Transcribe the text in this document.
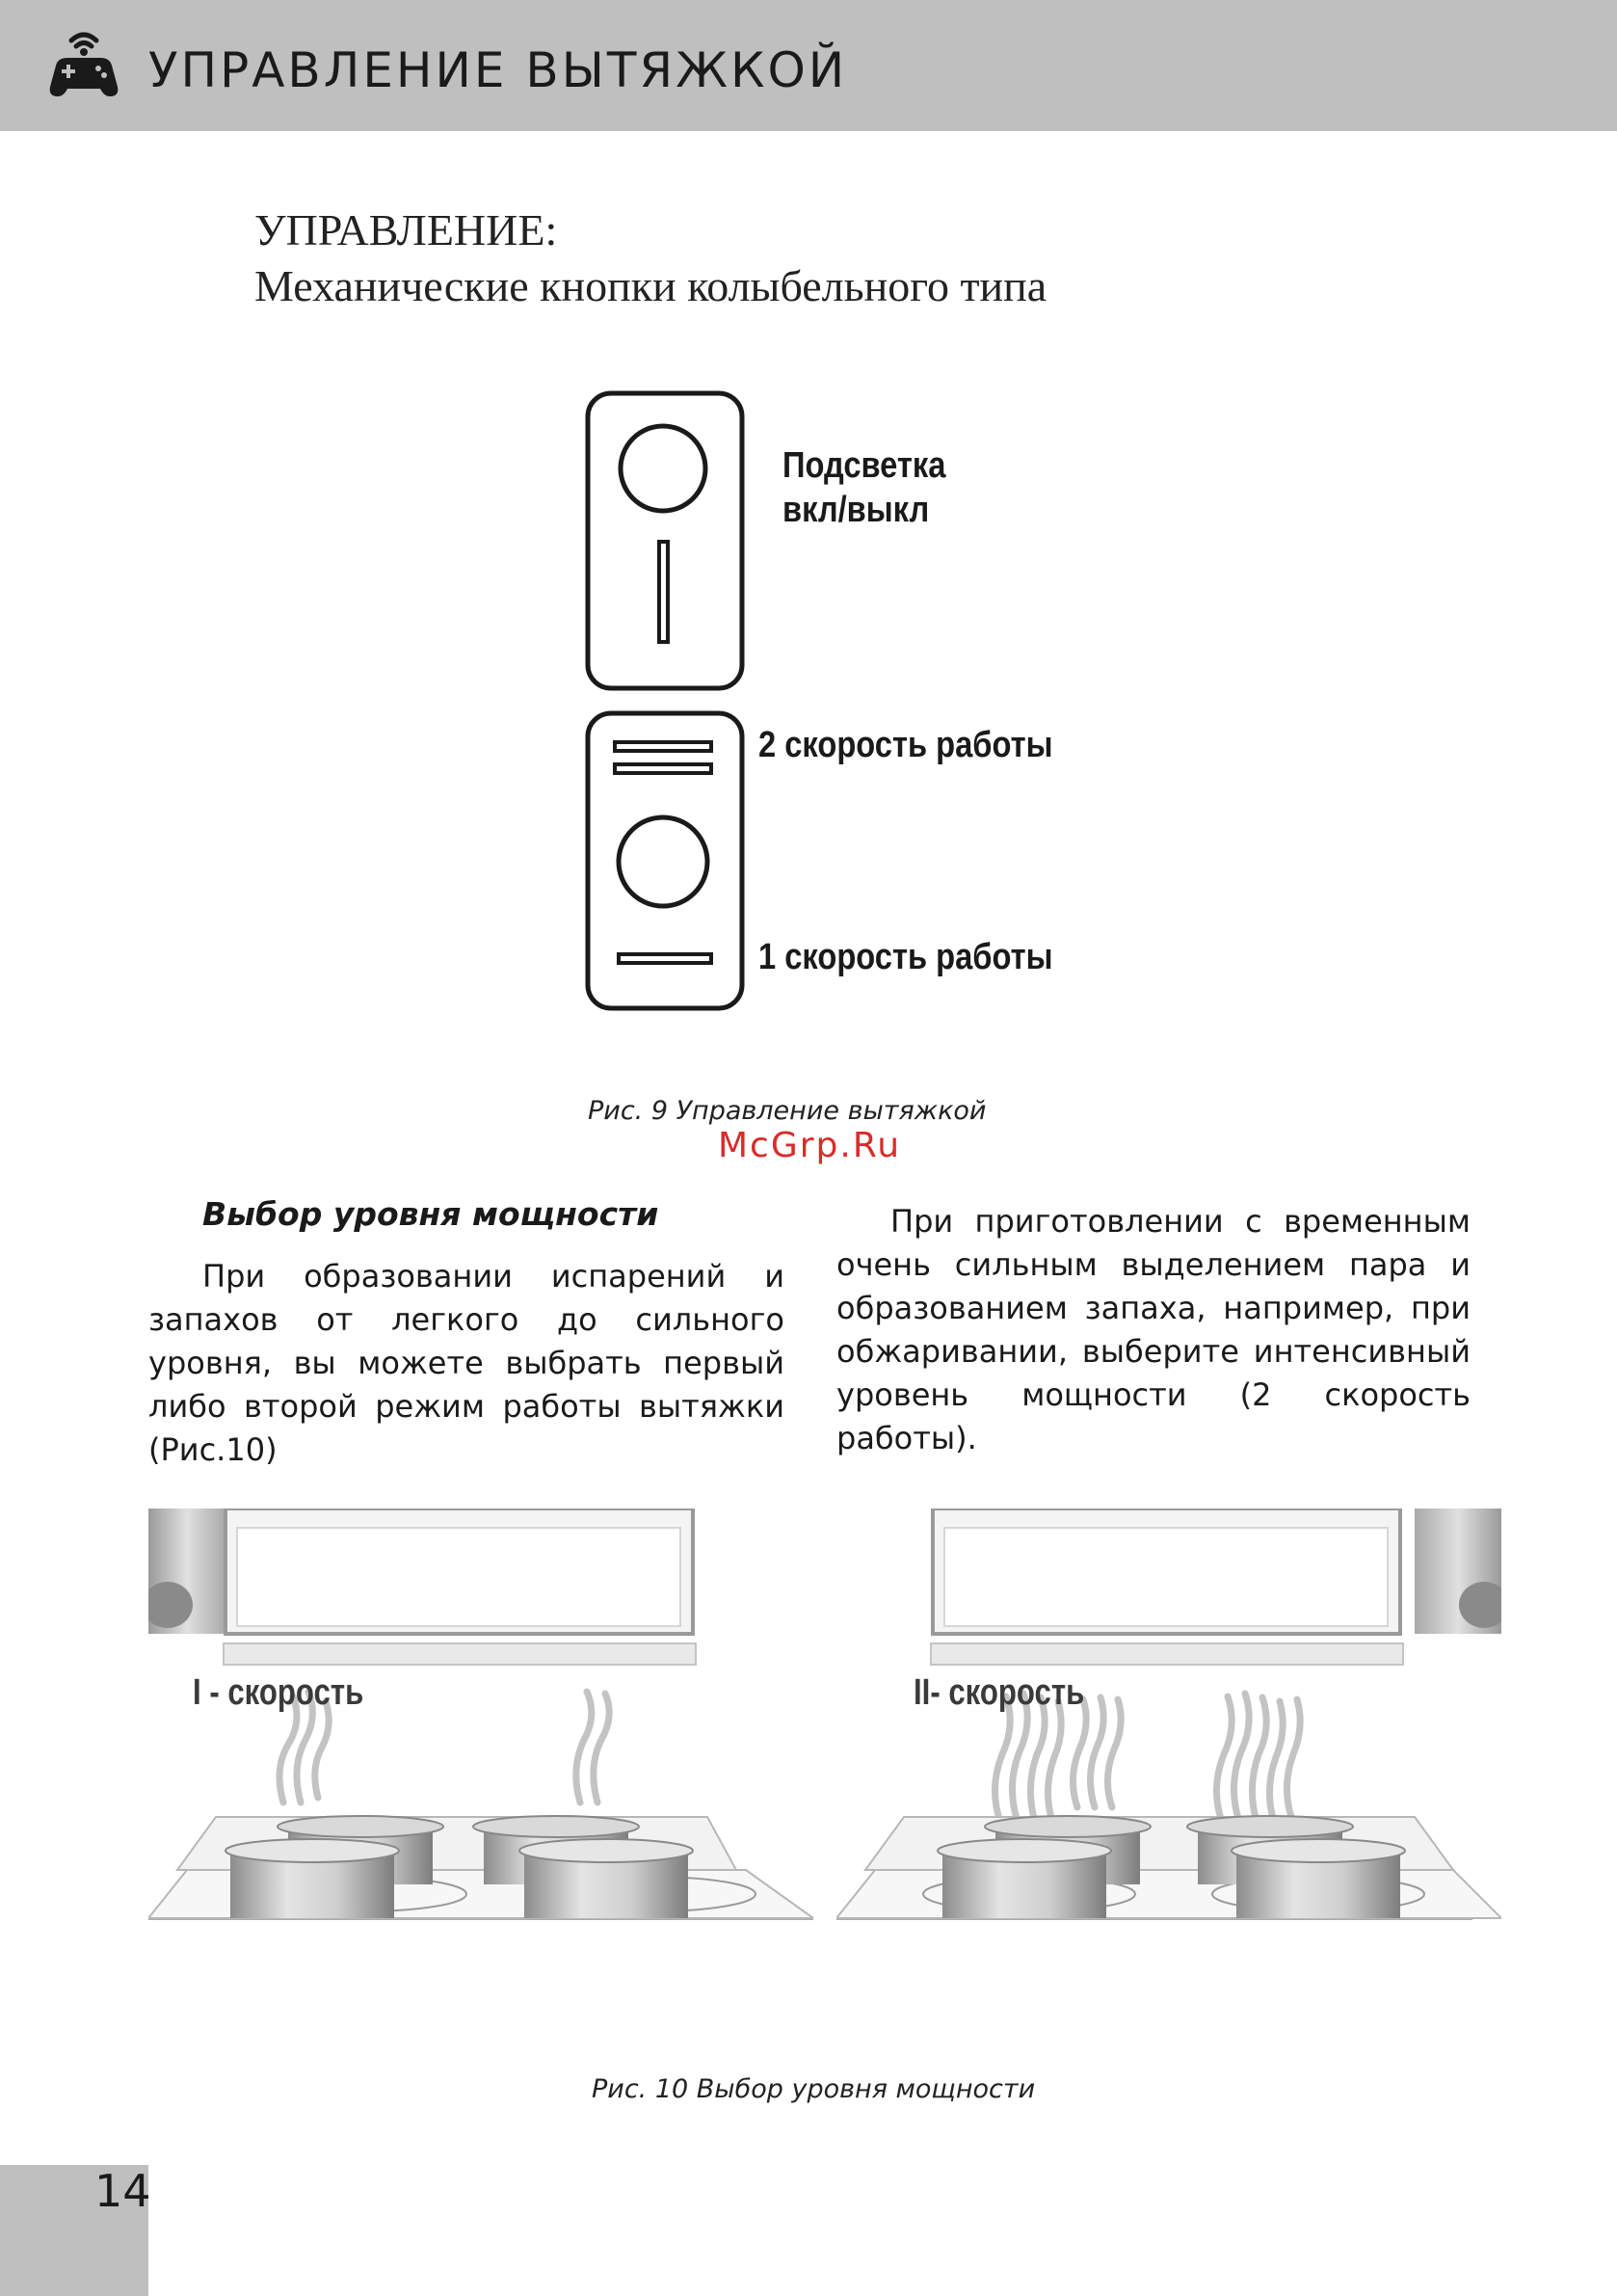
УПРАВЛЕНИЕ ВЫТЯЖКОЙ
УПРАВЛЕНИЕ:
Механические кнопки колыбельного типа
Подсветка
вкл/выкл
2 скорость работы
1 скорость работы
Рис. 9 Управление вытяжкой
McGrp.Ru
Выбор уровня мощности
При образовании испарений и запахов от легкого до сильного уровня, вы можете выбрать первый либо второй режим работы вытяжки (Рис.10)
При приготовлении с временным очень сильным выделением пара и образованием запаха, например, при обжаривании, выберите интенсивный уровень мощности (2 скорость работы).
I - скорость	II- скорость
Рис. 10 Выбор уровня мощности
14
